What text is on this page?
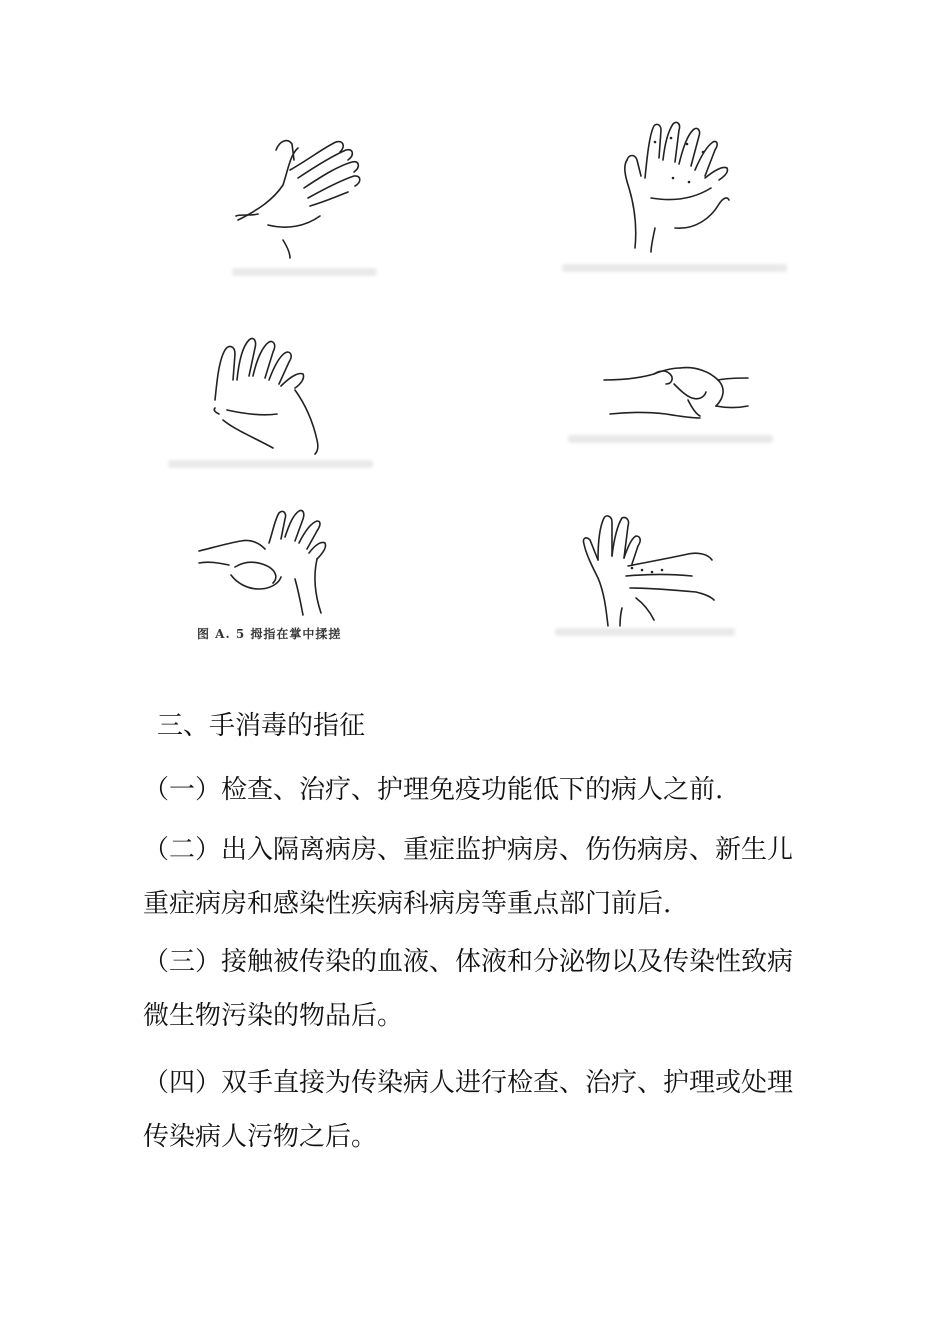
图 A. 5 拇指在掌中揉搓
三、手消毒的指征
（一）检查、治疗、护理免疫功能低下的病人之前.
（二）出入隔离病房、重症监护病房、伤伤病房、新生儿
重症病房和感染性疾病科病房等重点部门前后.
（三）接触被传染的血液、体液和分泌物以及传染性致病
微生物污染的物品后。
（四）双手直接为传染病人进行检查、治疗、护理或处理
传染病人污物之后。
